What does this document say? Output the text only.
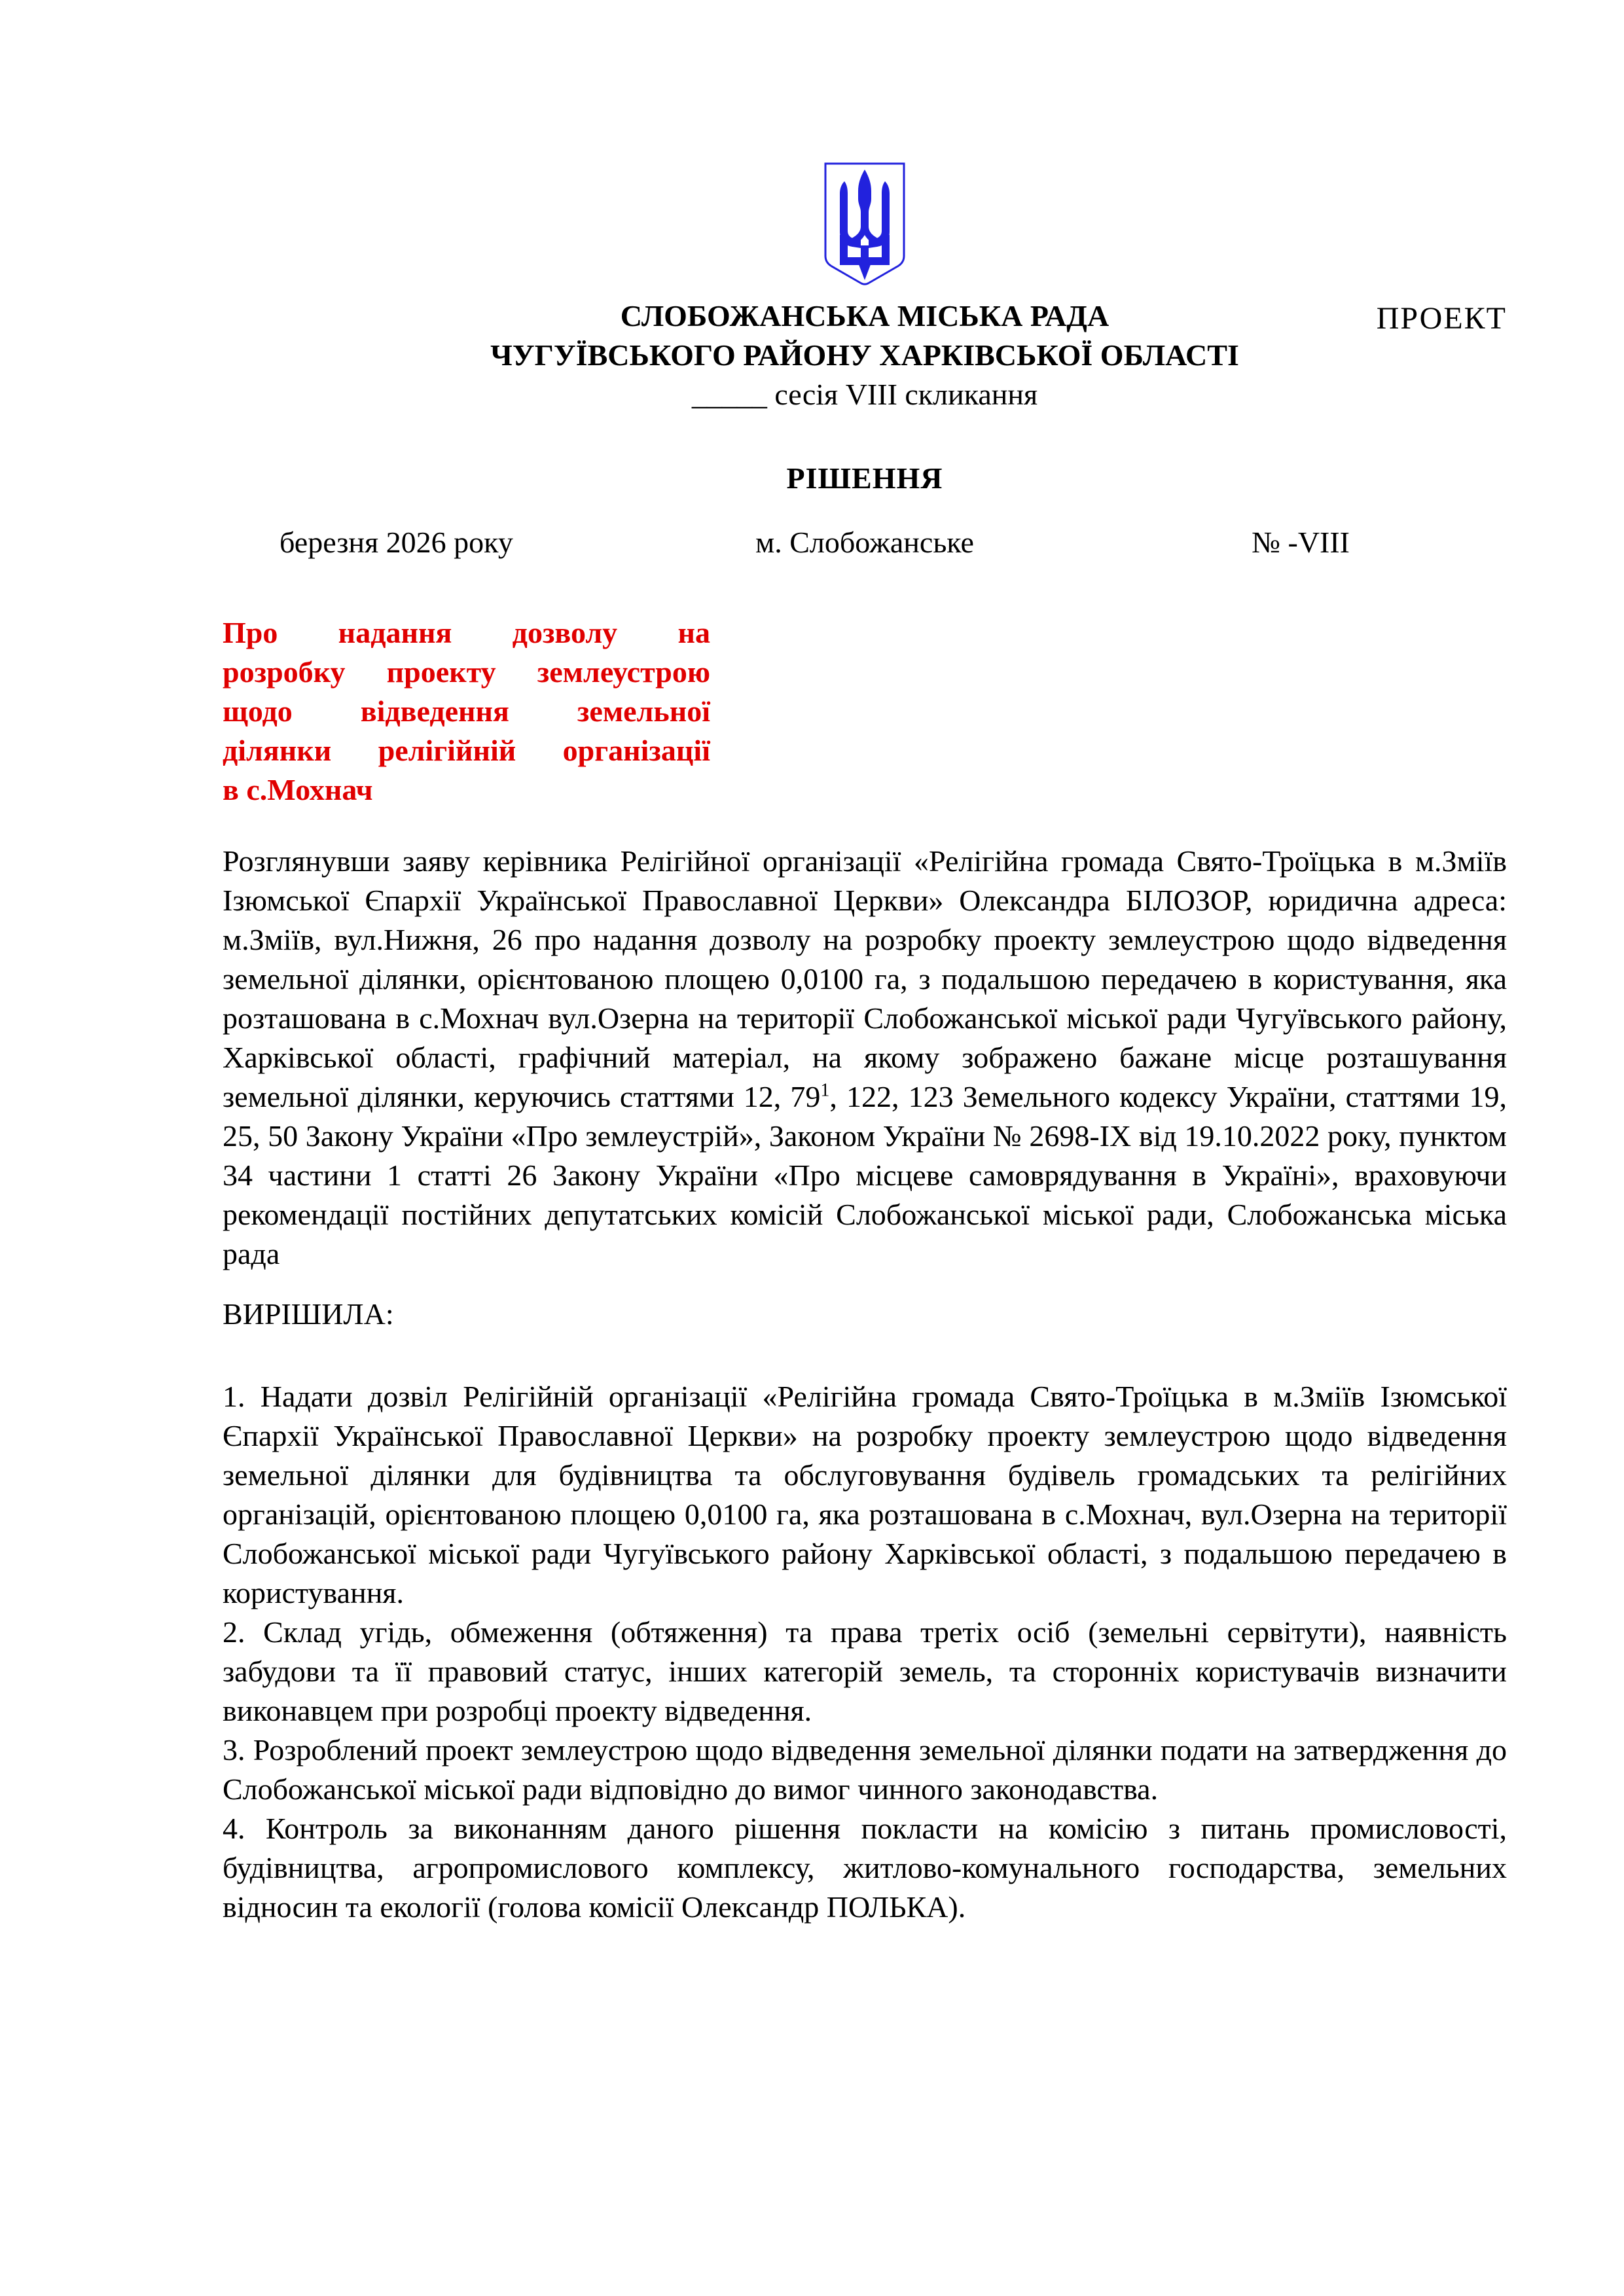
ПРОЕКТ
СЛОБОЖАНСЬКА МІСЬКА РАДА
ЧУГУЇВСЬКОГО РАЙОНУ ХАРКІВСЬКОЇ ОБЛАСТІ
_____ сесія VIII скликання
РІШЕННЯ
березня 2026 року	м. Слобожанське	№ -VIII
Про надання дозволу на
розробку проекту землеустрою
щодо відведення земельної
ділянки релігійній організації
в с.Мохнач
Розглянувши заяву керівника Релігійної організації «Релігійна громада Свято-Троїцька в м.Зміїв Ізюмської Єпархії Української Православної Церкви» Олександра БІЛОЗОР, юридична адреса: м.Зміїв, вул.Нижня, 26 про надання дозволу на розробку проекту землеустрою щодо відведення земельної ділянки, орієнтованою площею 0,0100 га, з подальшою передачею в користування, яка розташована в с.Мохнач вул.Озерна на території Слобожанської міської ради Чугуївського району, Харківської області, графічний матеріал, на якому зображено бажане місце розташування земельної ділянки, керуючись статтями 12, $79^1$, 122, 123 Земельного кодексу України, статтями 19, 25, 50 Закону України «Про землеустрій», Законом України № 2698-IX від 19.10.2022 року, пунктом 34 частини 1 статті 26 Закону України «Про місцеве самоврядування в Україні», враховуючи рекомендації постійних депутатських комісій Слобожанської міської ради, Слобожанська міська рада
ВИРІШИЛА:

1. Надати дозвіл Релігійній організації «Релігійна громада Свято-Троїцька в м.Зміїв Ізюмської Єпархії Української Православної Церкви» на розробку проекту землеустрою щодо відведення земельної ділянки для будівництва та обслуговування будівель громадських та релігійних організацій, орієнтованою площею 0,0100 га, яка розташована в с.Мохнач, вул.Озерна на території Слобожанської міської ради Чугуївського району Харківської області, з подальшою передачею в користування.

2. Склад угідь, обмеження (обтяження) та права третіх осіб (земельні сервітути), наявність забудови та її правовий статус, інших категорій земель, та сторонніх користувачів визначити виконавцем при розробці проекту відведення.

3. Розроблений проект землеустрою щодо відведення земельної ділянки подати на затвердження до Слобожанської міської ради відповідно до вимог чинного законодавства.

4. Контроль за виконанням даного рішення покласти на комісію з питань промисловості, будівництва, агропромислового комплексу, житлово-комунального господарства, земельних відносин та екології (голова комісії Олександр ПОЛЬКА).
